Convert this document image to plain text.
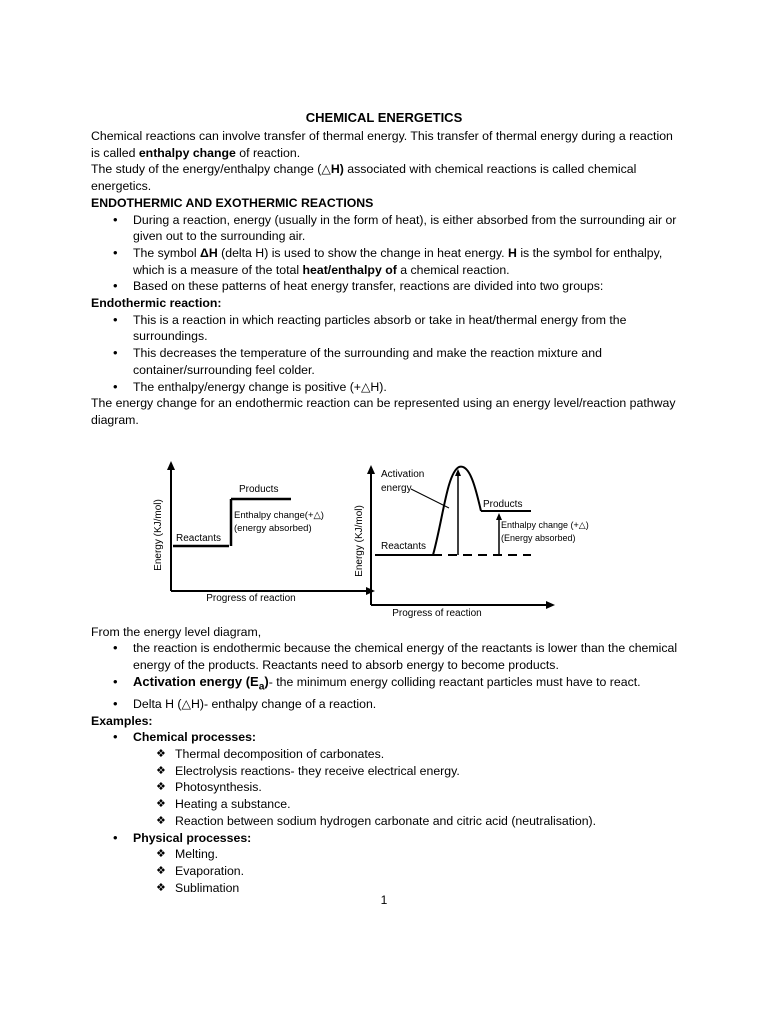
CHEMICAL ENERGETICS

Chemical reactions can involve transfer of thermal energy. This transfer of thermal energy during a reaction is called enthalpy change of reaction.

The study of the energy/enthalpy change (△H) associated with chemical reactions is called chemical energetics.

ENDOTHERMIC AND EXOTHERMIC REACTIONS

• During a reaction, energy (usually in the form of heat), is either absorbed from the surrounding air or given out to the surrounding air.
• The symbol ΔH (delta H) is used to show the change in heat energy. H is the symbol for enthalpy, which is a measure of the total heat/enthalpy of a chemical reaction.
• Based on these patterns of heat energy transfer, reactions are divided into two groups:

Endothermic reaction:

• This is a reaction in which reacting particles absorb or take in heat/thermal energy from the surroundings.
• This decreases the temperature of the surrounding and make the reaction mixture and container/surrounding feel colder.
• The enthalpy/energy change is positive (+△H).

The energy change for an endothermic reaction can be represented using an energy level/reaction pathway diagram.

Energy (KJ/mol)
Progress of reaction
Reactants
Products
Enthalpy change(+△)
(energy absorbed)	Energy (KJ/mol)
Progress of reaction
Activation
energy
Reactants
Products
Enthalpy change (+△)
(Energy absorbed)

From the energy level diagram,

• the reaction is endothermic because the chemical energy of the reactants is lower than the chemical energy of the products. Reactants need to absorb energy to become products.
• Activation energy $(E_a)-$ the minimum energy colliding reactant particles must have to react.
• Delta H (△H)- enthalpy change of a reaction.

Examples:

• Chemical processes:
❖ Thermal decomposition of carbonates.
❖ Electrolysis reactions- they receive electrical energy.
❖ Photosynthesis.
❖ Heating a substance.
❖ Reaction between sodium hydrogen carbonate and citric acid (neutralisation).
• Physical processes:
❖ Melting.
❖ Evaporation.
❖ Sublimation
1
